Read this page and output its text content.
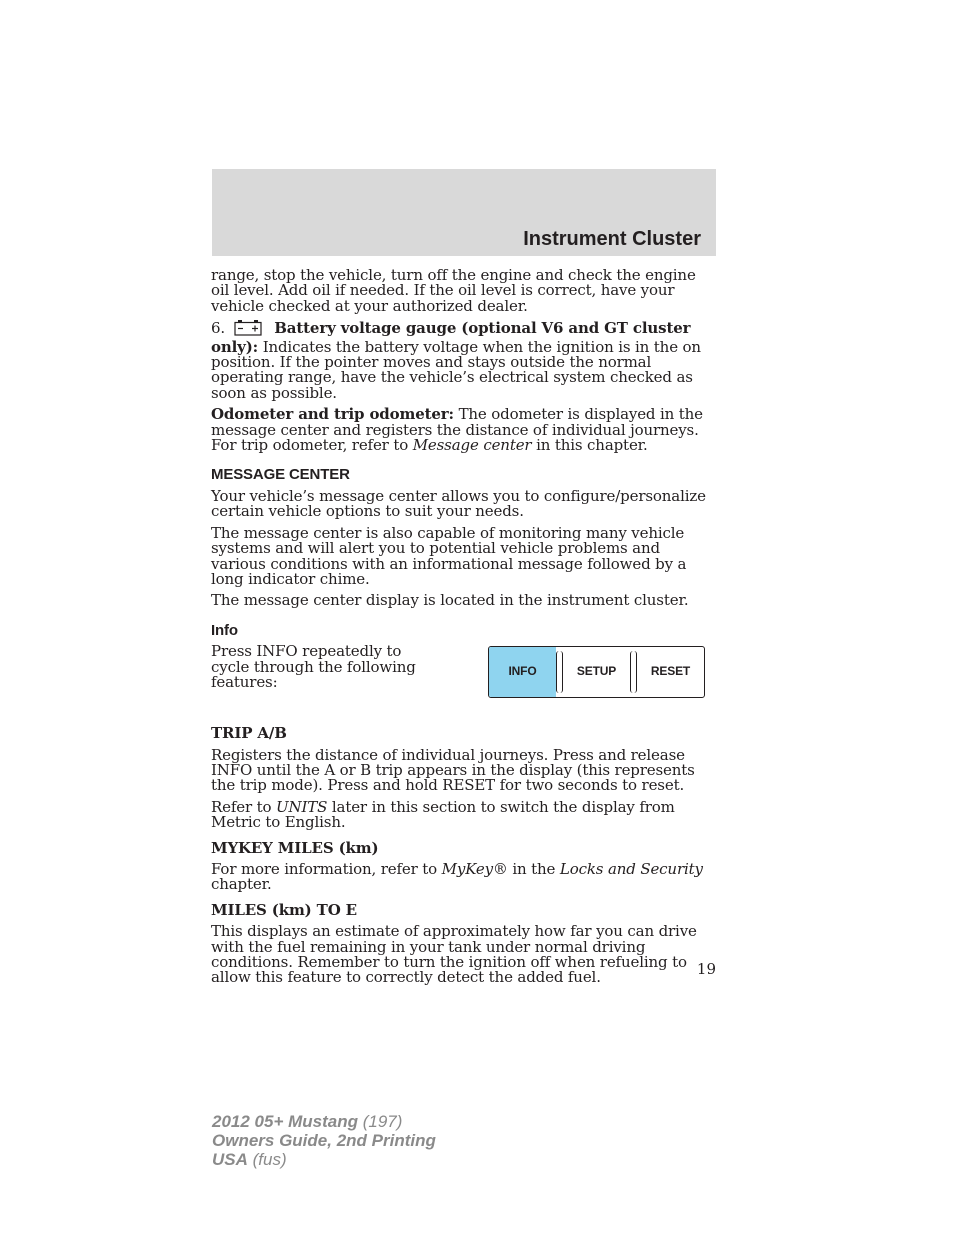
Instrument Cluster

range, stop the vehicle, turn off the engine and check the engine oil level. Add oil if needed. If the oil level is correct, have your vehicle checked at your authorized dealer.

6.	Battery voltage gauge (optional V6 and GT cluster only): Indicates the battery voltage when the ignition is in the on position. If the pointer moves and stays outside the normal operating range, have the vehicle’s electrical system checked as soon as possible.

Odometer and trip odometer: The odometer is displayed in the message center and registers the distance of individual journeys. For trip odometer, refer to Message center in this chapter.

MESSAGE CENTER

Your vehicle’s message center allows you to configure/personalize certain vehicle options to suit your needs.

The message center is also capable of monitoring many vehicle systems and will alert you to potential vehicle problems and various conditions with an informational message followed by a long indicator chime.

The message center display is located in the instrument cluster.

Info
Press INFO repeatedly to cycle through the following features:
INFO	SETUP	RESET
TRIP A/B

Registers the distance of individual journeys. Press and release INFO until the A or B trip appears in the display (this represents the trip mode). Press and hold RESET for two seconds to reset.

Refer to UNITS later in this section to switch the display from Metric to English.

MYKEY MILES (km)

For more information, refer to MyKey® in the Locks and Security chapter.

MILES (km) TO E

This displays an estimate of approximately how far you can drive with the fuel remaining in your tank under normal driving conditions. Remember to turn the ignition off when refueling to allow this feature to correctly detect the added fuel.	19
2012 05+ Mustang (197)
Owners Guide, 2nd Printing
USA (fus)
